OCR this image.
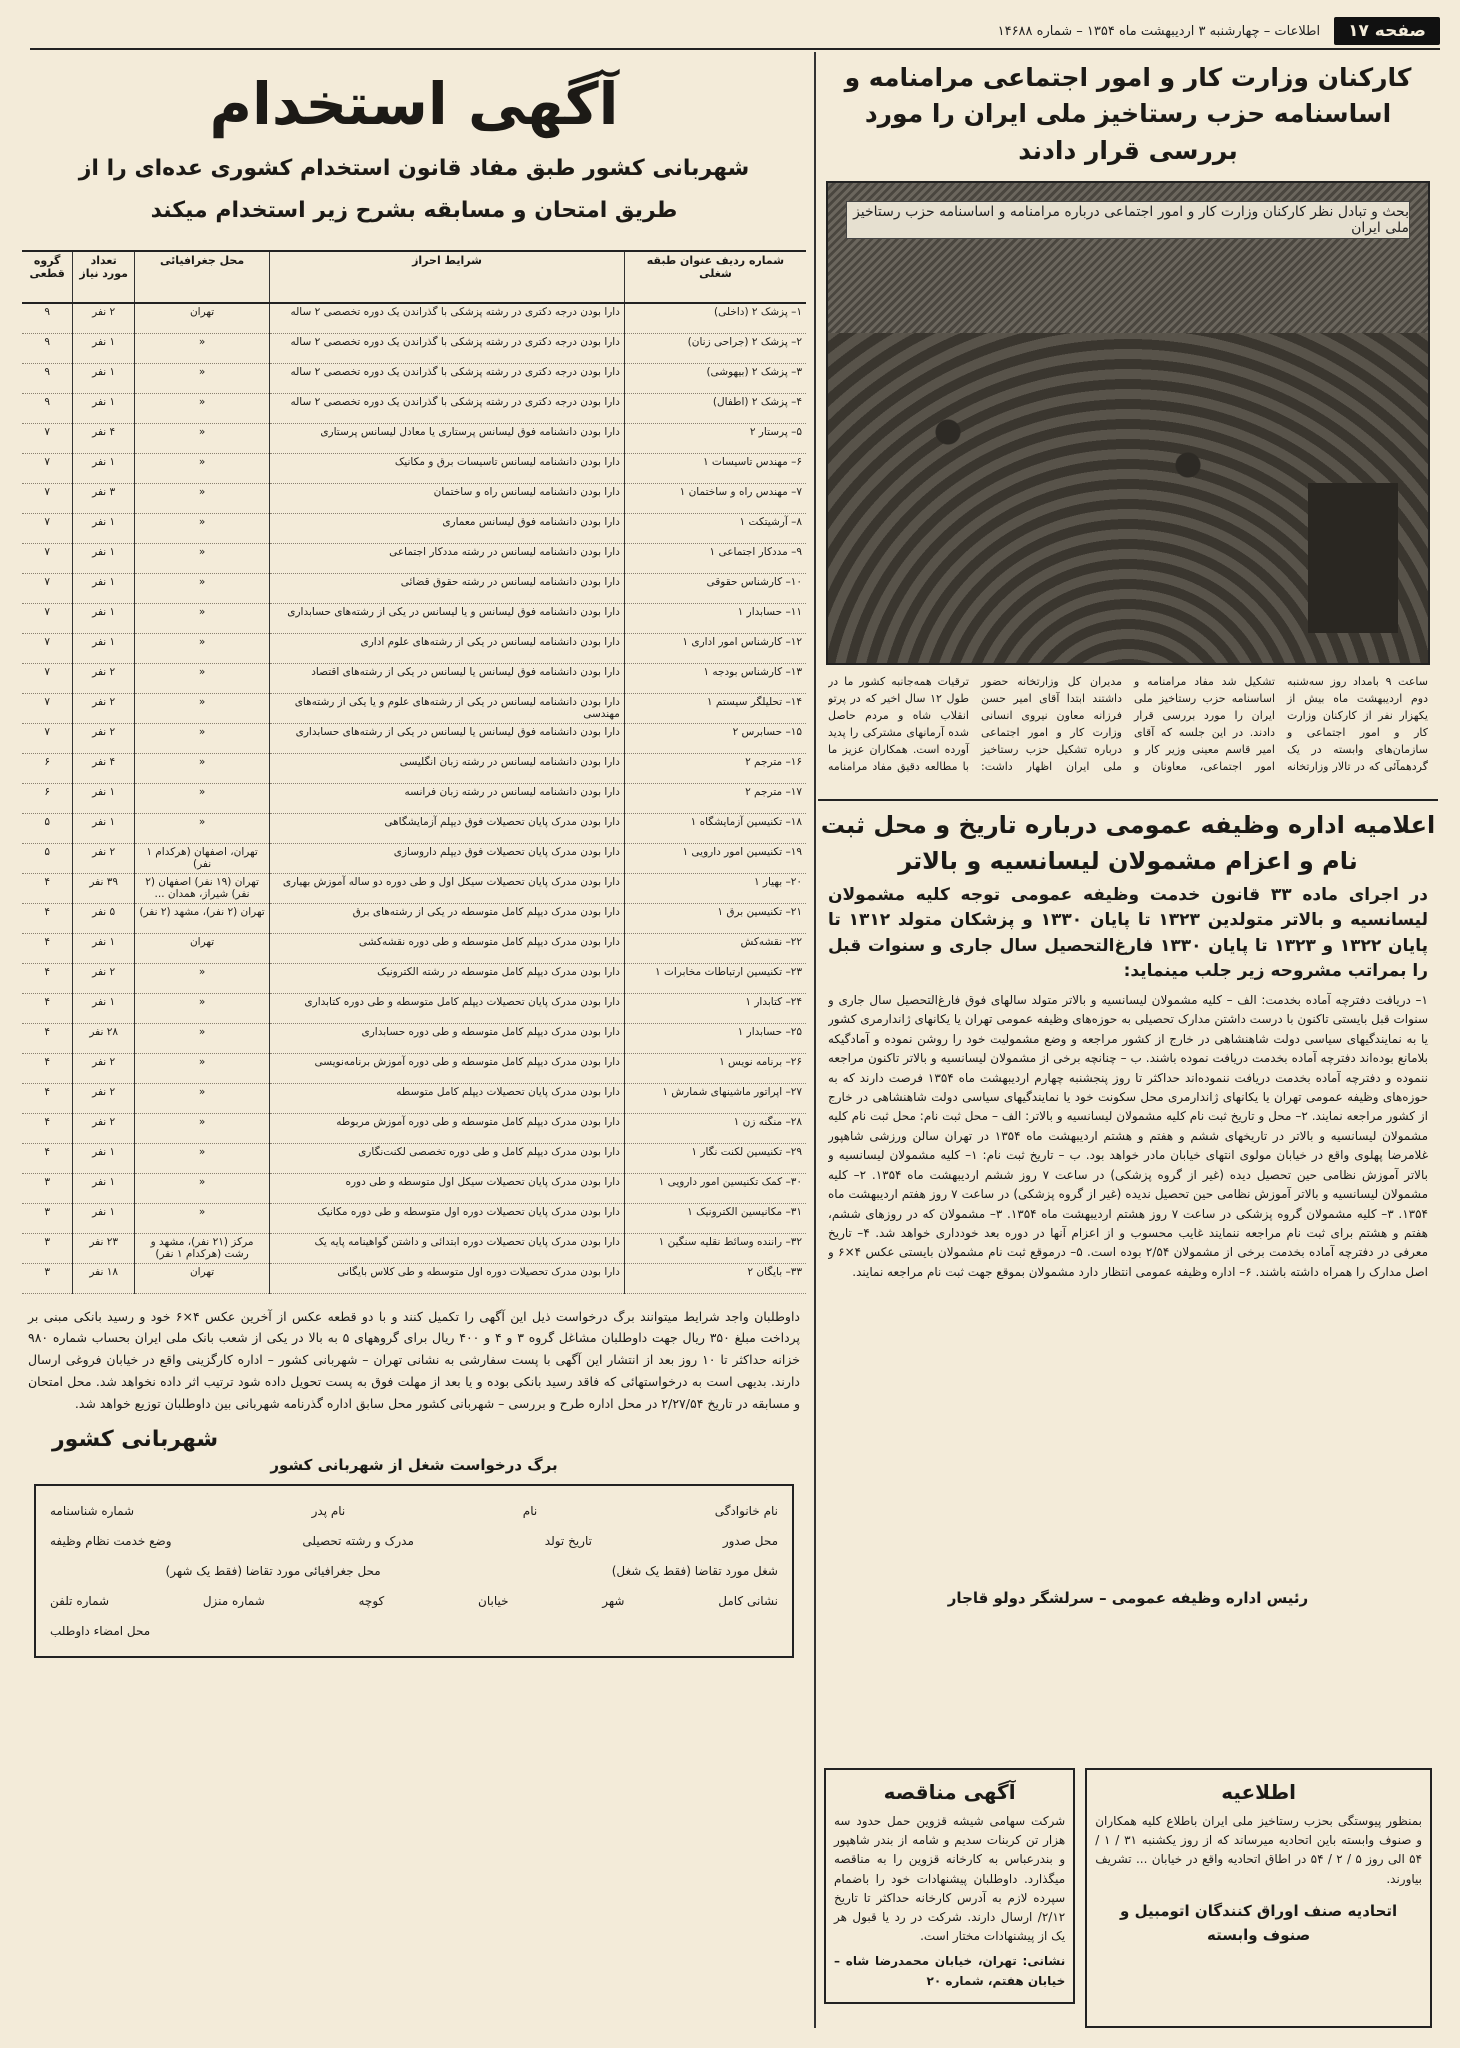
صفحه ۱۷
اطلاعات – چهارشنبه ۳ اردیبهشت ماه ۱۳۵۴ – شماره ۱۴۶۸۸
کارکنان وزارت کار و امور اجتماعی مرامنامه و اساسنامه حزب رستاخیز ملی ایران را مورد بررسی قرار دادند
بحث و تبادل نظر کارکنان وزارت کار و امور اجتماعی درباره مرامنامه و اساسنامه حزب رستاخیز ملی ایران
ساعت ۹ بامداد روز سه‌شنبه دوم اردیبهشت ماه بیش از یکهزار نفر از کارکنان وزارت کار و امور اجتماعی و سازمان‌های وابسته در یک گردهمآئی که در تالار وزارتخانه تشکیل شد مفاد مرامنامه و اساسنامه حزب رستاخیز ملی ایران را مورد بررسی قرار دادند. در این جلسه که آقای امیر قاسم معینی وزیر کار و امور اجتماعی، معاونان و مدیران کل وزارتخانه حضور داشتند ابتدا آقای امیر حسن فرزانه معاون نیروی انسانی وزارت کار و امور اجتماعی درباره تشکیل حزب رستاخیز ملی ایران اظهار داشت: ترقیات همه‌جانبه کشور ما در طول ۱۲ سال اخیر که در پرتو انقلاب شاه و مردم حاصل شده آرمانهای مشترکی را پدید آورده است. همکاران عزیز ما با مطالعه دقیق مفاد مرامنامه
اعلامیه اداره وظیفه عمومی درباره تاریخ و محل ثبت نام و اعزام مشمولان لیسانسیه و بالاتر
در اجرای ماده ۳۳ قانون خدمت وظیفه عمومی توجه کلیه مشمولان لیسانسیه و بالاتر متولدین ۱۳۲۳ تا پایان ۱۳۳۰ و پزشکان متولد ۱۳۱۲ تا پایان ۱۳۲۲ و ۱۳۲۳ تا پایان ۱۳۳۰ فارغ‌التحصیل سال جاری و سنوات قبل را بمراتب مشروحه زیر جلب مینماید:
۱– دریافت دفترچه آماده بخدمت: الف – کلیه مشمولان لیسانسیه و بالاتر متولد سالهای فوق فارغ‌التحصیل سال جاری و سنوات قبل بایستی تاکنون با درست داشتن مدارک تحصیلی به حوزه‌های وظیفه عمومی تهران یا یکانهای ژاندارمری کشور یا به نمایندگیهای سیاسی دولت شاهنشاهی در خارج از کشور مراجعه و وضع مشمولیت خود را روشن نموده و آمادگیکه بلامانع بوده‌اند دفترچه آماده بخدمت دریافت نموده باشند. ب – چنانچه برخی از مشمولان لیسانسیه و بالاتر تاکنون مراجعه ننموده و دفترچه آماده بخدمت دریافت ننموده‌اند حداکثر تا روز پنجشنبه چهارم اردیبهشت ماه ۱۳۵۴ فرصت دارند که به حوزه‌های وظیفه عمومی تهران یا یکانهای ژاندارمری محل سکونت خود یا نمایندگیهای سیاسی دولت شاهنشاهی در خارج از کشور مراجعه نمایند. ۲– محل و تاریخ ثبت نام کلیه مشمولان لیسانسیه و بالاتر: الف – محل ثبت نام: محل ثبت نام کلیه مشمولان لیسانسیه و بالاتر در تاریخهای ششم و هفتم و هشتم اردیبهشت ماه ۱۳۵۴ در تهران سالن ورزشی شاهپور غلامرضا پهلوی واقع در خیابان مولوی انتهای خیابان مادر خواهد بود. ب – تاریخ ثبت نام: ۱– کلیه مشمولان لیسانسیه و بالاتر آموزش نظامی حین تحصیل دیده (غیر از گروه پزشکی) در ساعت ۷ روز ششم اردیبهشت ماه ۱۳۵۴. ۲– کلیه مشمولان لیسانسیه و بالاتر آموزش نظامی حین تحصیل ندیده (غیر از گروه پزشکی) در ساعت ۷ روز هفتم اردیبهشت ماه ۱۳۵۴. ۳– کلیه مشمولان گروه پزشکی در ساعت ۷ روز هشتم اردیبهشت ماه ۱۳۵۴. ۳– مشمولان که در روزهای ششم، هفتم و هشتم برای ثبت نام مراجعه ننمایند غایب محسوب و از اعزام آنها در دوره بعد خودداری خواهد شد. ۴– تاریخ معرفی در دفترچه آماده بخدمت برخی از مشمولان ۲/۵۴ بوده است. ۵– درموقع ثبت نام مشمولان بایستی عکس ۴×۶ و اصل مدارک را همراه داشته باشند. ۶– اداره وظیفه عمومی انتظار دارد مشمولان بموقع جهت ثبت نام مراجعه نمایند.
رئیس اداره وظیفه عمومی – سرلشگر دولو قاجار
اطلاعیه

بمنظور پیوستگی بحزب رستاخیز ملی ایران باطلاع کلیه همکاران و صنوف وابسته باین اتحادیه میرساند که از روز یکشنبه ۳۱ / ۱ / ۵۴ الی روز ۵ / ۲ / ۵۴ در اطاق اتحادیه واقع در خیابان ... تشریف بیاورند.

اتحادیه صنف اوراق کنندگان اتومبیل و صنوف وابسته

آگهی مناقصه

شرکت سهامی شیشه قزوین حمل حدود سه هزار تن کربنات سدیم و شامه از بندر شاهپور و بندرعباس به کارخانه قزوین را به مناقصه میگذارد. داوطلبان پیشنهادات خود را باضمام سپرده لازم به آدرس کارخانه حداکثر تا تاریخ ۲/۱۲/ ارسال دارند. شرکت در رد یا قبول هر یک از پیشنهادات مختار است.

نشانی: تهران، خیابان محمدرضا شاه – خیابان هفتم، شماره ۲۰

آگهی استخدام
شهربانی کشور طبق مفاد قانون استخدام کشوری عده‌ای را از طریق امتحان و مسابقه بشرح زیر استخدام میکند
شماره ردیف عنوان طبقه شغلی	شرایط احراز	محل جغرافیائی	تعداد مورد نیاز	گروه قطعی
۱– پزشک ۲ (داخلی)	دارا بودن درجه دکتری در رشته پزشکی با گذراندن یک دوره تخصصی ۲ ساله	تهران	۲ نفر	۹
۲– پزشک ۲ (جراحی زنان)	دارا بودن درجه دکتری در رشته پزشکی با گذراندن یک دوره تخصصی ۲ ساله	«	۱ نفر	۹
۳– پزشک ۲ (بیهوشی)	دارا بودن درجه دکتری در رشته پزشکی با گذراندن یک دوره تخصصی ۲ ساله	«	۱ نفر	۹
۴– پزشک ۲ (اطفال)	دارا بودن درجه دکتری در رشته پزشکی با گذراندن یک دوره تخصصی ۲ ساله	«	۱ نفر	۹
۵– پرستار ۲	دارا بودن دانشنامه فوق لیسانس پرستاری یا معادل لیسانس پرستاری	«	۴ نفر	۷
۶– مهندس تاسیسات ۱	دارا بودن دانشنامه لیسانس تاسیسات برق و مکانیک	«	۱ نفر	۷
۷– مهندس راه و ساختمان ۱	دارا بودن دانشنامه لیسانس راه و ساختمان	«	۳ نفر	۷
۸– آرشیتکت ۱	دارا بودن دانشنامه فوق لیسانس معماری	«	۱ نفر	۷
۹– مددکار اجتماعی ۱	دارا بودن دانشنامه لیسانس در رشته مددکار اجتماعی	«	۱ نفر	۷
۱۰– کارشناس حقوقی	دارا بودن دانشنامه لیسانس در رشته حقوق قضائی	«	۱ نفر	۷
۱۱– حسابدار ۱	دارا بودن دانشنامه فوق لیسانس و یا لیسانس در یکی از رشته‌های حسابداری	«	۱ نفر	۷
۱۲– کارشناس امور اداری ۱	دارا بودن دانشنامه لیسانس در یکی از رشته‌های علوم اداری	«	۱ نفر	۷
۱۳– کارشناس بودجه ۱	دارا بودن دانشنامه فوق لیسانس یا لیسانس در یکی از رشته‌های اقتصاد	«	۲ نفر	۷
۱۴– تحلیلگر سیستم ۱	دارا بودن دانشنامه لیسانس در یکی از رشته‌های علوم و یا یکی از رشته‌های مهندسی	«	۲ نفر	۷
۱۵– حسابرس ۲	دارا بودن دانشنامه فوق لیسانس یا لیسانس در یکی از رشته‌های حسابداری	«	۲ نفر	۷
۱۶– مترجم ۲	دارا بودن دانشنامه لیسانس در رشته زبان انگلیسی	«	۴ نفر	۶
۱۷– مترجم ۲	دارا بودن دانشنامه لیسانس در رشته زبان فرانسه	«	۱ نفر	۶
۱۸– تکنیسین آزمایشگاه ۱	دارا بودن مدرک پایان تحصیلات فوق دیپلم آزمایشگاهی	«	۱ نفر	۵
۱۹– تکنیسین امور دارویی ۱	دارا بودن مدرک پایان تحصیلات فوق دیپلم داروسازی	تهران، اصفهان (هرکدام ۱ نفر)	۲ نفر	۵
۲۰– بهیار ۱	دارا بودن مدرک پایان تحصیلات سیکل اول و طی دوره دو ساله آموزش بهیاری	تهران (۱۹ نفر) اصفهان (۲ نفر) شیراز، همدان ...	۳۹ نفر	۴
۲۱– تکنیسین برق ۱	دارا بودن مدرک دیپلم کامل متوسطه در یکی از رشته‌های برق	تهران (۲ نفر)، مشهد (۲ نفر)	۵ نفر	۴
۲۲– نقشه‌کش	دارا بودن مدرک دیپلم کامل متوسطه و طی دوره نقشه‌کشی	تهران	۱ نفر	۴
۲۳– تکنیسین ارتباطات مخابرات ۱	دارا بودن مدرک دیپلم کامل متوسطه در رشته الکترونیک	«	۲ نفر	۴
۲۴– کتابدار ۱	دارا بودن مدرک پایان تحصیلات دیپلم کامل متوسطه و طی دوره کتابداری	«	۱ نفر	۴
۲۵– حسابدار ۱	دارا بودن مدرک دیپلم کامل متوسطه و طی دوره حسابداری	«	۲۸ نفر	۴
۲۶– برنامه نویس ۱	دارا بودن مدرک دیپلم کامل متوسطه و طی دوره آموزش برنامه‌نویسی	«	۲ نفر	۴
۲۷– اپراتور ماشینهای شمارش ۱	دارا بودن مدرک پایان تحصیلات دیپلم کامل متوسطه	«	۲ نفر	۴
۲۸– منگنه زن ۱	دارا بودن مدرک دیپلم کامل متوسطه و طی دوره آموزش مربوطه	«	۲ نفر	۴
۲۹– تکنیسین لکنت نگار ۱	دارا بودن مدرک دیپلم کامل و طی دوره تخصصی لکنت‌نگاری	«	۱ نفر	۴
۳۰– کمک تکنیسین امور دارویی ۱	دارا بودن مدرک پایان تحصیلات سیکل اول متوسطه و طی دوره	«	۱ نفر	۳
۳۱– مکانیسین الکترونیک ۱	دارا بودن مدرک پایان تحصیلات دوره اول متوسطه و طی دوره مکانیک	«	۱ نفر	۳
۳۲– راننده وسائط نقلیه سنگین ۱	دارا بودن مدرک پایان تحصیلات دوره ابتدائی و داشتن گواهینامه پایه یک	مرکز (۲۱ نفر)، مشهد و رشت (هرکدام ۱ نفر)	۲۳ نفر	۳
۳۳– بایگان ۲	دارا بودن مدرک تحصیلات دوره اول متوسطه و طی کلاس بایگانی	تهران	۱۸ نفر	۳
داوطلبان واجد شرایط میتوانند برگ درخواست ذیل این آگهی را تکمیل کنند و با دو قطعه عکس از آخرین عکس ۴×۶ خود و رسید بانکی مبنی بر پرداخت مبلغ ۳۵۰ ریال جهت داوطلبان مشاغل گروه ۳ و ۴ و ۴۰۰ ریال برای گروههای ۵ به بالا در یکی از شعب بانک ملی ایران بحساب شماره ۹۸۰ خزانه حداکثر تا ۱۰ روز بعد از انتشار این آگهی با پست سفارشی به نشانی تهران – شهربانی کشور – اداره کارگزینی واقع در خیابان فروغی ارسال دارند. بدیهی است به درخواستهائی که فاقد رسید بانکی بوده و یا بعد از مهلت فوق به پست تحویل داده شود ترتیب اثر داده نخواهد شد. محل امتحان و مسابقه در تاریخ ۲/۲۷/۵۴ در محل اداره طرح و بررسی – شهربانی کشور محل سابق اداره گذرنامه شهربانی بین داوطلبان توزیع خواهد شد.
شهربانی کشور
برگ درخواست شغل از شهربانی کشور
نام خانوادگی
نام
نام پدر
شماره شناسنامه
محل صدور
تاریخ تولد
مدرک و رشته تحصیلی
وضع خدمت نظام وظیفه
شغل مورد تقاضا (فقط یک شغل)
محل جغرافیائی مورد تقاضا (فقط یک شهر)
نشانی کامل
شهر
خیابان
کوچه
شماره منزل
شماره تلفن
محل امضاء داوطلب
